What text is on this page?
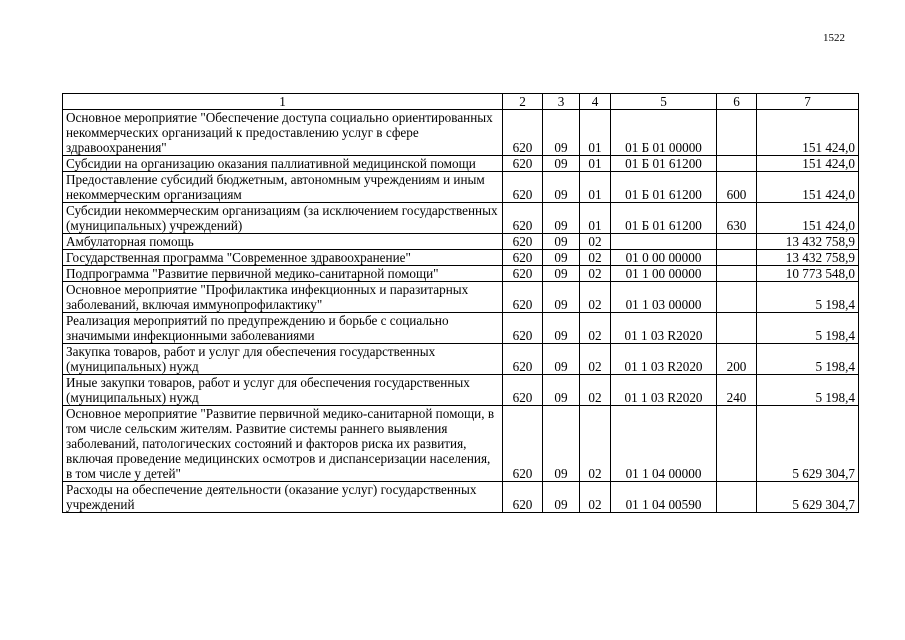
1522
1	2	3	4	5	6	7
Основное мероприятие "Обеспечение доступа социально ориентированных некоммерческих организаций к предоставлению услуг в сфере здравоохранения"	620	09	01	01 Б 01 00000		151 424,0
Субсидии на организацию оказания паллиативной медицинской помощи	620	09	01	01 Б 01 61200		151 424,0
Предоставление субсидий бюджетным, автономным учреждениям и иным некоммерческим организациям	620	09	01	01 Б 01 61200	600	151 424,0
Субсидии некоммерческим организациям (за исключением государственных (муниципальных) учреждений)	620	09	01	01 Б 01 61200	630	151 424,0
Амбулаторная помощь	620	09	02			13 432 758,9
Государственная программа "Современное здравоохранение"	620	09	02	01 0 00 00000		13 432 758,9
Подпрограмма "Развитие первичной медико-санитарной помощи"	620	09	02	01 1 00 00000		10 773 548,0
Основное мероприятие "Профилактика инфекционных и паразитарных заболеваний, включая иммунопрофилактику"	620	09	02	01 1 03 00000		5 198,4
Реализация мероприятий по предупреждению и борьбе с социально значимыми инфекционными заболеваниями	620	09	02	01 1 03 R2020		5 198,4
Закупка товаров, работ и услуг для обеспечения государственных (муниципальных) нужд	620	09	02	01 1 03 R2020	200	5 198,4
Иные закупки товаров, работ и услуг для обеспечения государственных (муниципальных) нужд	620	09	02	01 1 03 R2020	240	5 198,4
Основное мероприятие "Развитие первичной медико-санитарной помощи, в том числе сельским жителям. Развитие системы раннего выявления заболеваний, патологических состояний и факторов риска их развития, включая проведение медицинских осмотров и диспансеризации населения, в том числе у детей"	620	09	02	01 1 04 00000		5 629 304,7
Расходы на обеспечение деятельности (оказание услуг) государственных учреждений	620	09	02	01 1 04 00590		5 629 304,7
